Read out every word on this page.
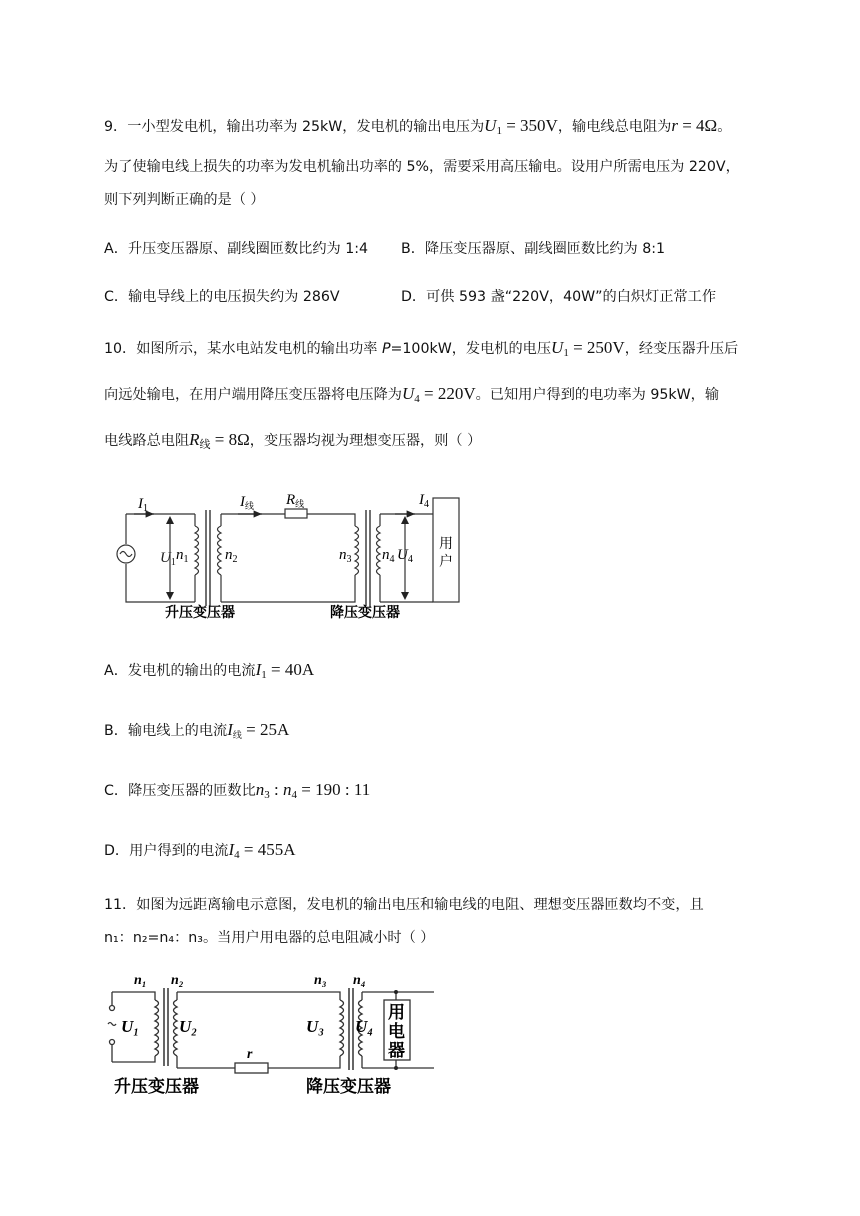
9．一小型发电机，输出功率为 25kW，发电机的输出电压为$U_1 = 350V$，输电线总电阻为r = 4Ω。
为了使输电线上损失的功率为发电机输出功率的 5%，需要采用高压输电。设用户所需电压为 220V，
则下列判断正确的是（ ）
A．升压变压器原、副线圈匝数比约为 1:4 B．降压变压器原、副线圈匝数比约为 8:1
C．输电导线上的电压损失约为 286V	D．可供 593 盏“220V，40W”的白炽灯正常工作
10．如图所示，某水电站发电机的输出功率 P=100kW，发电机的电压$U_1 = 250V$，经变压器升压后
向远处输电，在用户端用降压变压器将电压降为$U_4 = 220V$。已知用户得到的电功率为 95kW，输
电线路总电阻$R_线 = 8\Omega$，变压器均视为理想变压器，则（ ）
$I_1$	$I_线$ $R_线$	$I_4$
$U_1$ $n_1$ $n_2$	$n_3$ $n_4$ $U_4$
用
户
升压变压器	降压变压器
A．发电机的输出的电流$I_1 = 40A$
B．输电线上的电流$I_线 = 25A$
C．降压变压器的匝数比$n_3$ : $n_4 = 190$ : 11
D．用户得到的电流$I_4 = 455A$
11．如图为远距离输电示意图，发电机的输出电压和输电线的电阻、理想变压器匝数均不变，且
n₁：n₂=n₄：n₃。当用户用电器的总电阻减小时（ ）
n₁ n₂	n₃ n₄
U₁ U₂	U₃ U₄
r
用
电
器
升压变压器	降压变压器
